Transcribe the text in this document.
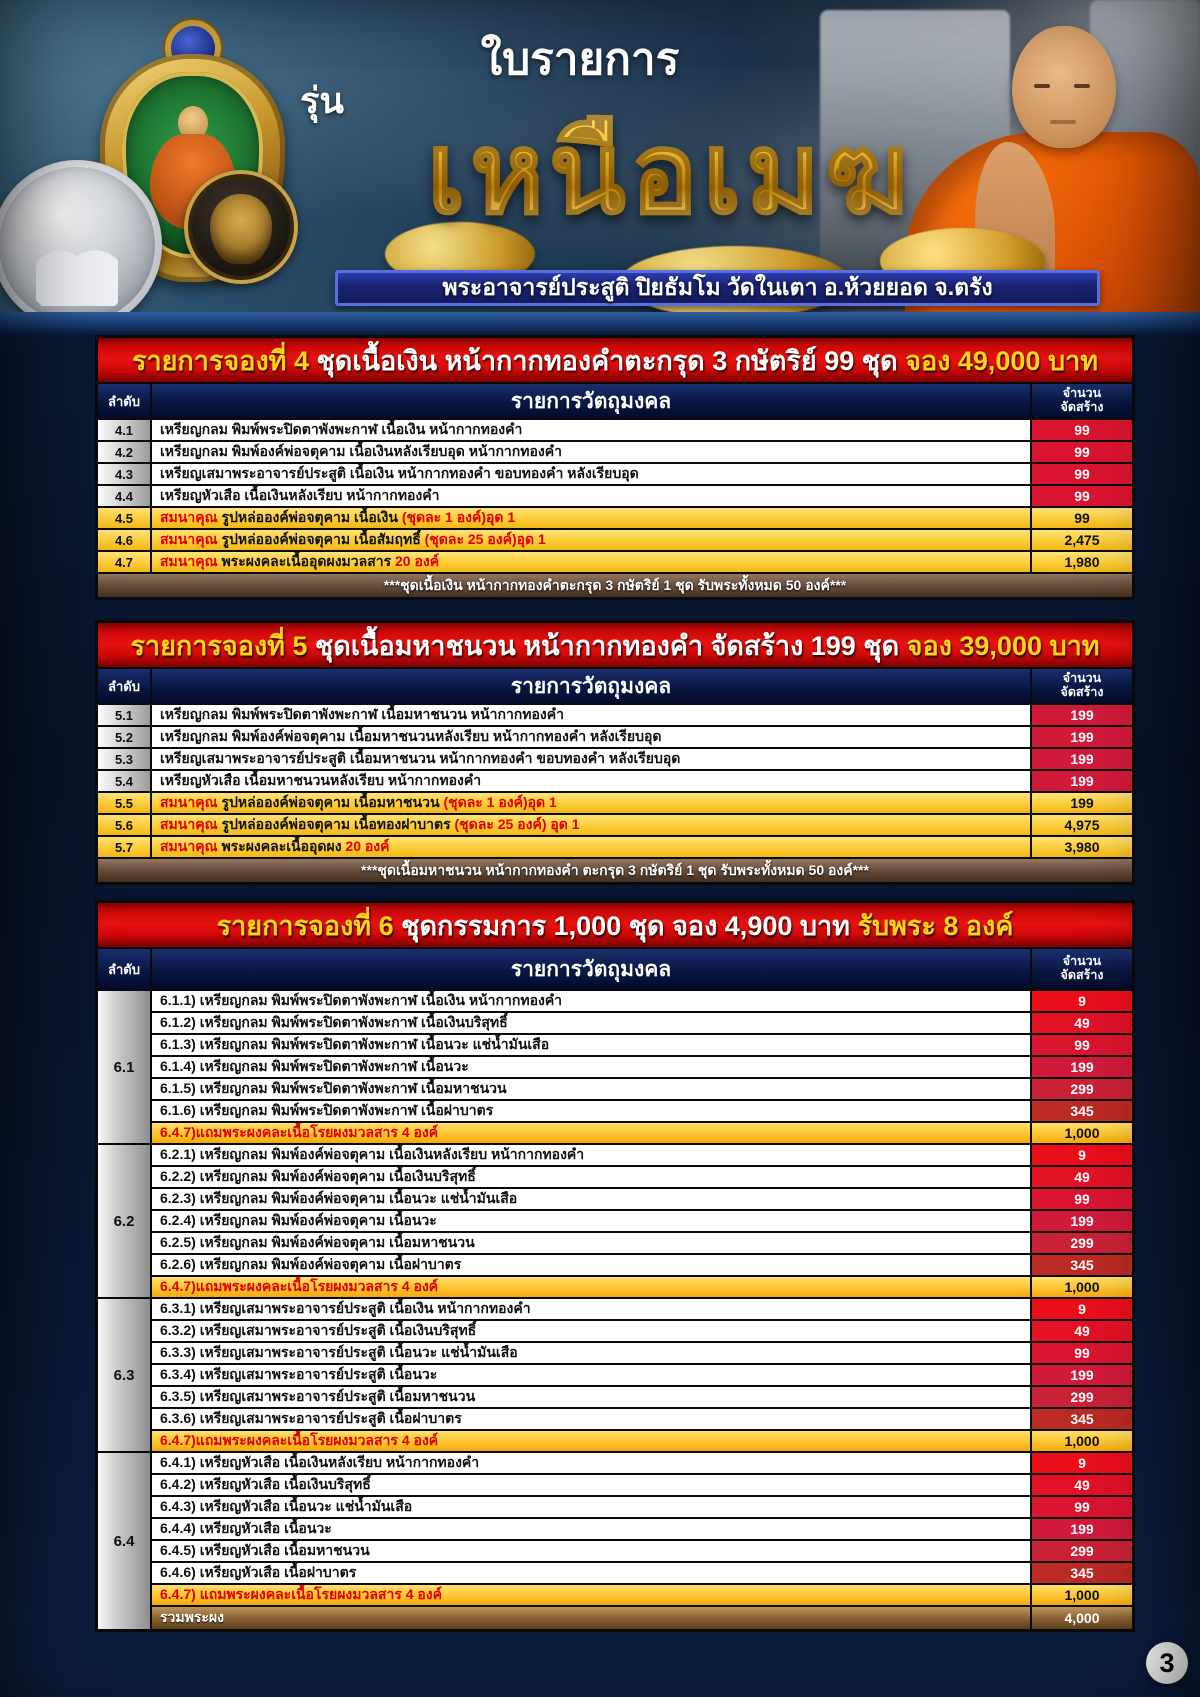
ใบรายการ
เหนือเมฆ
พระอาจารย์ประสูติ ปิยธัมโม วัดในเตา อ.ห้วยยอด จ.ตรัง
รายการจองที่ 4 ชุดเนื้อเงิน หน้ากากทองคำตะกรุด 3 กษัตริย์ 99 ชุด จอง 49,000 บาท
ลำดับ	รายการวัตถุมงคล	จำนวน
จัดสร้าง
4.1	เหรียญกลม พิมพ์พระปิดตาพังพะกาฬ เนื้อเงิน หน้ากากทองคำ	99
4.2	เหรียญกลม พิมพ์องค์พ่อจตุคาม เนื้อเงินหลังเรียบอุด หน้ากากทองคำ	99
4.3	เหรียญเสมาพระอาจารย์ประสูติ เนื้อเงิน หน้ากากทองคำ ขอบทองคำ หลังเรียบอุด	99
4.4	เหรียญหัวเสือ เนื้อเงินหลังเรียบ หน้ากากทองคำ	99
4.5	สมนาคุณ รูปหล่อองค์พ่อจตุคาม เนื้อเงิน (ชุดละ 1 องค์)อุด 1	99
4.6	สมนาคุณ รูปหล่อองค์พ่อจตุคาม เนื้อสัมฤทธิ์ (ชุดละ 25 องค์)อุด 1	2,475
4.7	สมนาคุณ พระผงคละเนื้ออุดผงมวลสาร 20 องค์	1,980
***ชุดเนื้อเงิน หน้ากากทองคำตะกรุด 3 กษัตริย์ 1 ชุด รับพระทั้งหมด 50 องค์***
รายการจองที่ 5 ชุดเนื้อมหาชนวน หน้ากากทองคำ จัดสร้าง 199 ชุด จอง 39,000 บาท
ลำดับ	รายการวัตถุมงคล	จำนวน
จัดสร้าง
5.1	เหรียญกลม พิมพ์พระปิดตาพังพะกาฬ เนื้อมหาชนวน หน้ากากทองคำ	199
5.2	เหรียญกลม พิมพ์องค์พ่อจตุคาม เนื้อมหาชนวนหลังเรียบ หน้ากากทองคำ หลังเรียบอุด	199
5.3	เหรียญเสมาพระอาจารย์ประสูติ เนื้อมหาชนวน หน้ากากทองคำ ขอบทองคำ หลังเรียบอุด	199
5.4	เหรียญหัวเสือ เนื้อมหาชนวนหลังเรียบ หน้ากากทองคำ	199
5.5	สมนาคุณ รูปหล่อองค์พ่อจตุคาม เนื้อมหาชนวน (ชุดละ 1 องค์)อุด 1	199
5.6	สมนาคุณ รูปหล่อองค์พ่อจตุคาม เนื้อทองฝาบาตร (ชุดละ 25 องค์) อุด 1	4,975
5.7	สมนาคุณ พระผงคละเนื้ออุดผง 20 องค์	3,980
***ชุดเนื้อมหาชนวน หน้ากากทองคำ ตะกรุด 3 กษัตริย์ 1 ชุด รับพระทั้งหมด 50 องค์***
รายการจองที่ 6 ชุดกรรมการ 1,000 ชุด จอง 4,900 บาท รับพระ 8 องค์
ลำดับ	รายการวัตถุมงคล	จำนวน
จัดสร้าง
6.1
6.1.1) เหรียญกลม พิมพ์พระปิดตาพังพะกาฬ เนื้อเงิน หน้ากากทองคำ	9
6.1.2) เหรียญกลม พิมพ์พระปิดตาพังพะกาฬ เนื้อเงินบริสุทธิ์	49
6.1.3) เหรียญกลม พิมพ์พระปิดตาพังพะกาฬ เนื้อนวะ แช่น้ำมันเสือ	99
6.1.4) เหรียญกลม พิมพ์พระปิดตาพังพะกาฬ เนื้อนวะ	199
6.1.5) เหรียญกลม พิมพ์พระปิดตาพังพะกาฬ เนื้อมหาชนวน	299
6.1.6) เหรียญกลม พิมพ์พระปิดตาพังพะกาฬ เนื้อฝาบาตร	345
6.4.7)แถมพระผงคละเนื้อโรยผงมวลสาร 4 องค์	1,000
6.2
6.2.1) เหรียญกลม พิมพ์องค์พ่อจตุคาม เนื้อเงินหลังเรียบ หน้ากากทองคำ	9
6.2.2) เหรียญกลม พิมพ์องค์พ่อจตุคาม เนื้อเงินบริสุทธิ์	49
6.2.3) เหรียญกลม พิมพ์องค์พ่อจตุคาม เนื้อนวะ แช่น้ำมันเสือ	99
6.2.4) เหรียญกลม พิมพ์องค์พ่อจตุคาม เนื้อนวะ	199
6.2.5) เหรียญกลม พิมพ์องค์พ่อจตุคาม เนื้อมหาชนวน	299
6.2.6) เหรียญกลม พิมพ์องค์พ่อจตุคาม เนื้อฝาบาตร	345
6.4.7)แถมพระผงคละเนื้อโรยผงมวลสาร 4 องค์	1,000
6.3
6.3.1) เหรียญเสมาพระอาจารย์ประสูติ เนื้อเงิน หน้ากากทองคำ	9
6.3.2) เหรียญเสมาพระอาจารย์ประสูติ เนื้อเงินบริสุทธิ์	49
6.3.3) เหรียญเสมาพระอาจารย์ประสูติ เนื้อนวะ แช่น้ำมันเสือ	99
6.3.4) เหรียญเสมาพระอาจารย์ประสูติ เนื้อนวะ	199
6.3.5) เหรียญเสมาพระอาจารย์ประสูติ เนื้อมหาชนวน	299
6.3.6) เหรียญเสมาพระอาจารย์ประสูติ เนื้อฝาบาตร	345
6.4.7)แถมพระผงคละเนื้อโรยผงมวลสาร 4 องค์	1,000
6.4
6.4.1) เหรียญหัวเสือ เนื้อเงินหลังเรียบ หน้ากากทองคำ	9
6.4.2) เหรียญหัวเสือ เนื้อเงินบริสุทธิ์	49
6.4.3) เหรียญหัวเสือ เนื้อนวะ แช่น้ำมันเสือ	99
6.4.4) เหรียญหัวเสือ เนื้อนวะ	199
6.4.5) เหรียญหัวเสือ เนื้อมหาชนวน	299
6.4.6) เหรียญหัวเสือ เนื้อฝาบาตร	345
6.4.7) แถมพระผงคละเนื้อโรยผงมวลสาร 4 องค์	1,000
รวมพระผง	4,000
3
